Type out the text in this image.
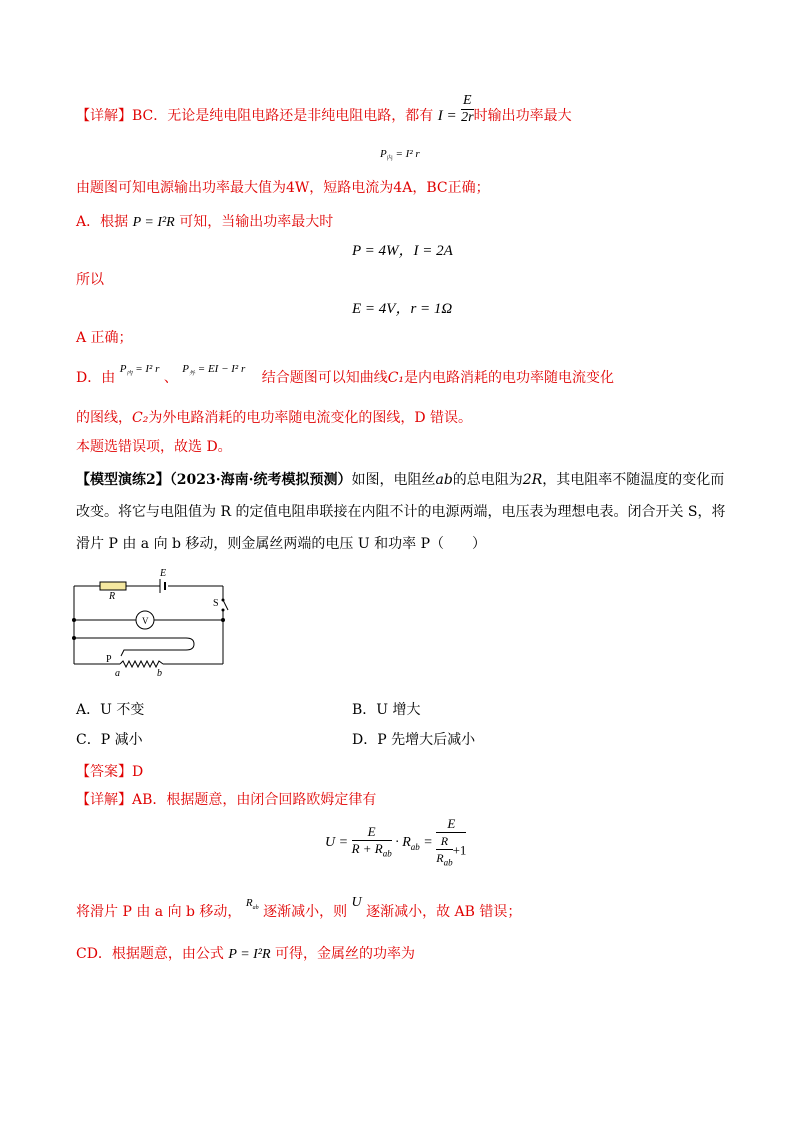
【详解】BC．无论是纯电阻电路还是非纯电阻电路，都有 $I = \frac{E}{2r}$ 时输出功率最大
$P_内 = I^2$ r
由题图可知电源输出功率最大值为4W，短路电流为4A，BC正确；
A．根据 P = I²R 可知，当输出功率最大时
P = 4W，I = 2A
所以
E = 4V，r = 1Ω
A 正确；
D．由 $^{P_内 = I^2 r}$ 、 $^{P_外 = EI - I^2 r}$ 结合题图可以知曲线C₁是内电路消耗的电功率随电流变化
的图线，C₂为外电路消耗的电功率随电流变化的图线，D 错误。
本题选错误项，故选 D。
【模型演练2】（2023·海南·统考模拟预测）如图，电阻丝ab的总电阻为2R，其电阻率不随温度的变化而
改变。将它与电阻值为 R 的定值电阻串联接在内阻不计的电源两端，电压表为理想电表。闭合开关 S，将
滑片 P 由 a 向 b 移动，则金属丝两端的电压 U 和功率 P（　　）
E
R
V
S
P
a	b
A．U 不变	B．U 增大
C．P 减小	D．P 先增大后减小
【答案】D
【详解】AB．根据题意，由闭合回路欧姆定律有
$U = \frac{E}{R + R_{ab}} \cdot R_{ab} = \frac{E}{\frac{R}{R_{ab}} +1}$
将滑片 P 由 a 向 b 移动， $^{R_{ab}}$ 逐渐减小，则 U 逐渐减小，故 AB 错误；
CD．根据题意，由公式 P = I²R 可得，金属丝的功率为
